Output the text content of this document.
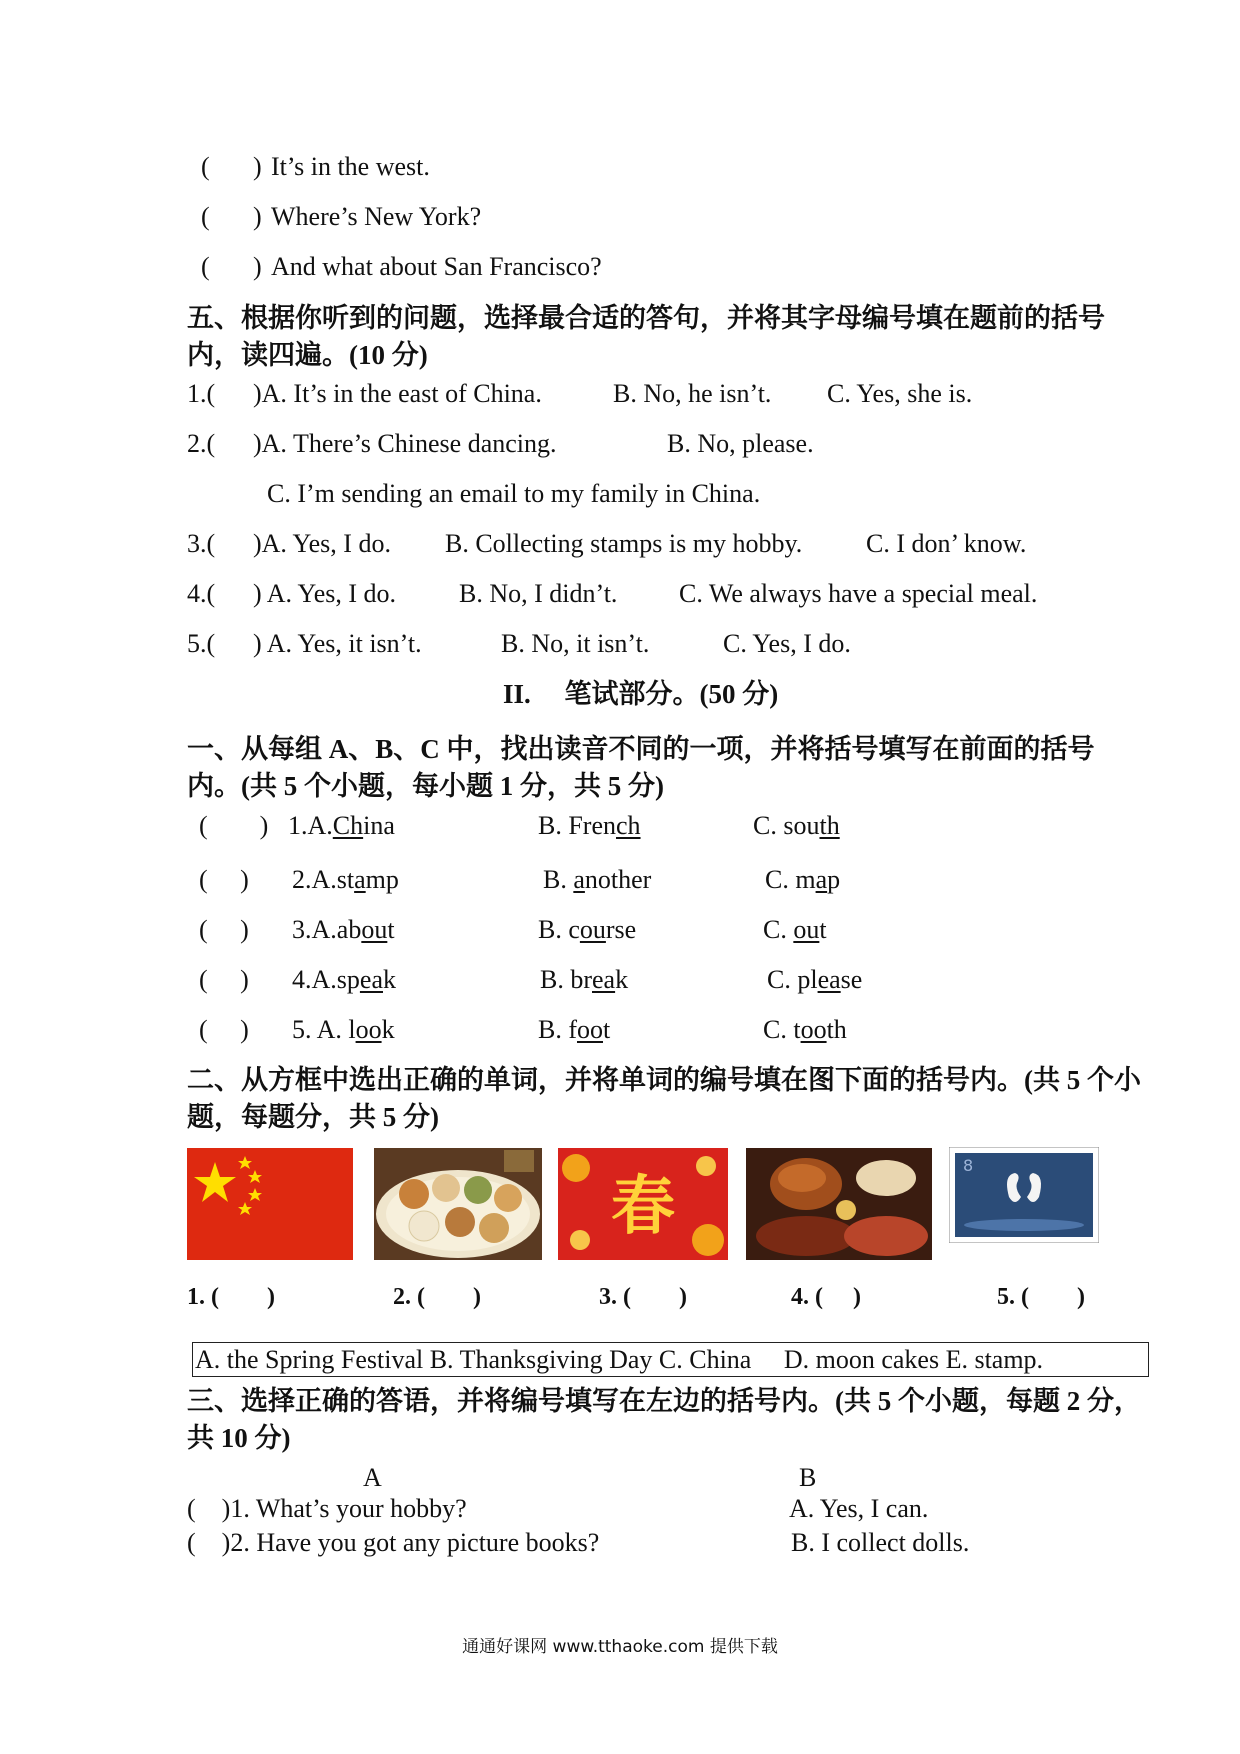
( ) It’s in the west.
( ) Where’s New York?
( ) And what about San Francisco?
五、根据你听到的问题，选择最合适的答句，并将其字母编号填在题前的括号内，读四遍。(10 分)
1.( )A. It’s in the east of China.	B. No, he isn’t. C. Yes, she is.
2.( )A. There’s Chinese dancing.	B. No, please.
C. I’m sending an email to my family in China.
3.( )A. Yes, I do. B. Collecting stamps is my hobby. C. I don’ know.
4.( ) A. Yes, I do. B. No, I didn’t. C. We always have a special meal.
5.( ) A. Yes, it isn’t.	B. No, it isn’t.	C. Yes, I do.
II.　 笔试部分。(50 分)
一、从每组 A、B、C 中，找出读音不同的一项，并将括号填写在前面的括号内。(共 5 个小题，每小题 1 分，共 5 分)
(　　) 1.A.China	B. French	C. south
(　 ) 2.A.stamp	B. another	C. map
(　 ) 3.A.about	B. course	C. out
(　 ) 4.A.speak	B. break	C. please
(　 ) 5. A. look	B. foot	C. tooth
二、从方框中选出正确的单词，并将单词的编号填在图下面的括号内。(共 5 个小题，每题分，共 5 分)
春
8
1. (　　)	2. (　　)	3. (　　)	4. (　 )	5. (　　)
A. the Spring Festival B. Thanksgiving Day C. China　 D. moon cakes E. stamp.
三、选择正确的答语，并将编号填写在左边的括号内。(共 5 个小题，每题 2 分，共 10 分)
A	B
(　)1. What’s your hobby?	A. Yes, I can.
(　)2. Have you got any picture books?	B. I collect dolls.
通通好课网 www.tthaoke.com 提供下载
